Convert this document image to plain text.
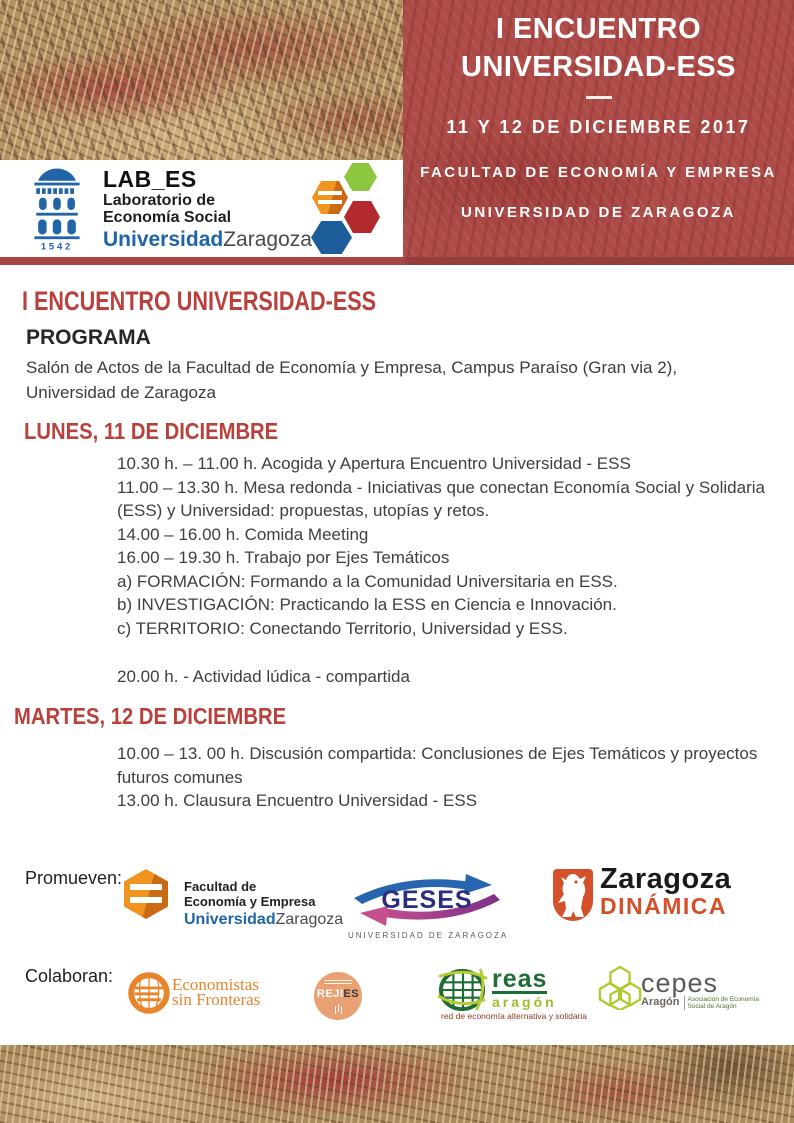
I ENCUENTRO
UNIVERSIDAD-ESS
11 Y 12 DE DICIEMBRE 2017
FACULTAD DE ECONOMÍA Y EMPRESA
UNIVERSIDAD DE ZARAGOZA
1542
LAB_ES
Laboratorio de
Economía Social
UniversidadZaragoza
I ENCUENTRO UNIVERSIDAD-ESS
PROGRAMA
Salón de Actos de la Facultad de Economía y Empresa, Campus Paraíso (Gran via 2),
Universidad de Zaragoza
LUNES, 11 DE DICIEMBRE
10.30 h. – 11.00 h. Acogida y Apertura Encuentro Universidad - ESS
11.00 – 13.30 h. Mesa redonda - Iniciativas que conectan Economía Social y Solidaria (ESS) y Universidad: propuestas, utopías y retos.
14.00 – 16.00 h. Comida Meeting
16.00 – 19.30 h. Trabajo por Ejes Temáticos
a) FORMACIÓN: Formando a la Comunidad Universitaria en ESS.
b) INVESTIGACIÓN: Practicando la ESS en Ciencia e Innovación.
c) TERRITORIO: Conectando Territorio, Universidad y ESS.
20.00 h. - Actividad lúdica - compartida
MARTES, 12 DE DICIEMBRE
10.00 – 13. 00 h. Discusión compartida: Conclusiones de Ejes Temáticos y proyectos futuros comunes
13.00 h. Clausura Encuentro Universidad - ESS
Promueven:	Facultad de
Economía y Empresa
UniversidadZaragoza
GESES
UNIVERSIDAD DE ZARAGOZA
Zaragoza
DINÁMICA
Colaboran:	Economistas
sin Fronteras	REJIES
reas
aragón
red de economía alternativa y solidaria
cepes
Aragón	Asociación de Economía
Social de Aragón
